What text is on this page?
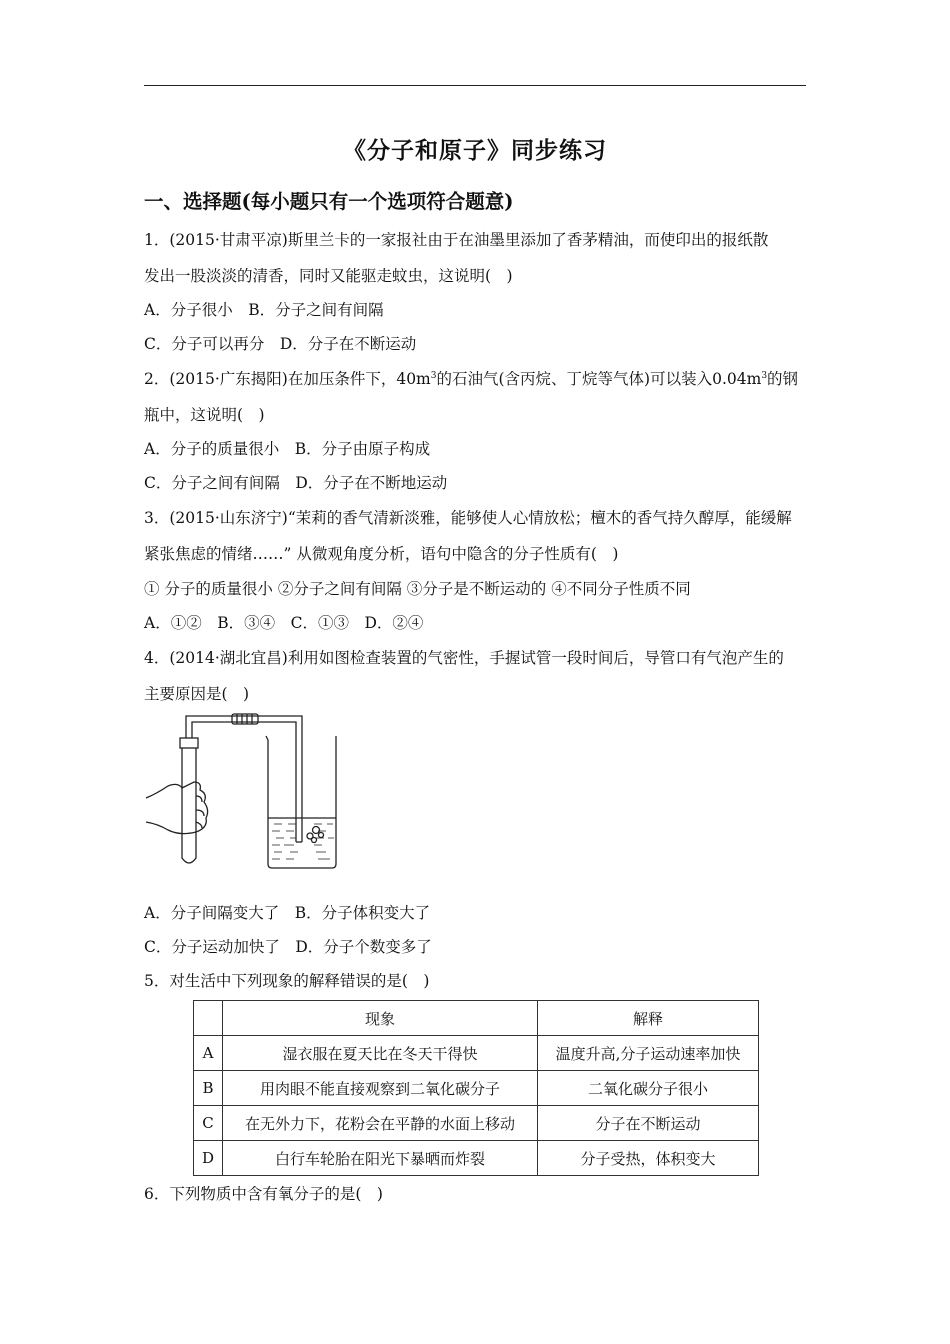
《分子和原子》同步练习
一、选择题(每小题只有一个选项符合题意)
1．(2015·甘肃平凉)斯里兰卡的一家报社由于在油墨里添加了香茅精油，而使印出的报纸散
发出一股淡淡的清香，同时又能驱走蚊虫，这说明(　)
A．分子很小　B．分子之间有间隔
C．分子可以再分　D．分子在不断运动
2．(2015·广东揭阳)在加压条件下，$40m^3$的石油气(含丙烷、丁烷等气体)可以装入$0.04m^3$的钢
瓶中，这说明(　)
A．分子的质量很小　B．分子由原子构成
C．分子之间有间隔　D．分子在不断地运动
3．(2015·山东济宁)“茉莉的香气清新淡雅，能够使人心情放松；檀木的香气持久醇厚，能缓解
紧张焦虑的情绪……” 从微观角度分析，语句中隐含的分子性质有(　)
① 分子的质量很小 ②分子之间有间隔 ③分子是不断运动的 ④不同分子性质不同
A．①②　B．③④　C．①③　D．②④
4．(2014·湖北宜昌)利用如图检查装置的气密性，手握试管一段时间后，导管口有气泡产生的
主要原因是(　)
A．分子间隔变大了　B．分子体积变大了
C．分子运动加快了　D．分子个数变多了
5．对生活中下列现象的解释错误的是(　)
	现象	解释
A	湿衣服在夏天比在冬天干得快	温度升高,分子运动速率加快
B	用肉眼不能直接观察到二氧化碳分子	二氧化碳分子很小
C	在无外力下，花粉会在平静的水面上移动	分子在不断运动
D	白行车轮胎在阳光下暴晒而炸裂	分子受热，体积变大
6．下列物质中含有氧分子的是(　)
